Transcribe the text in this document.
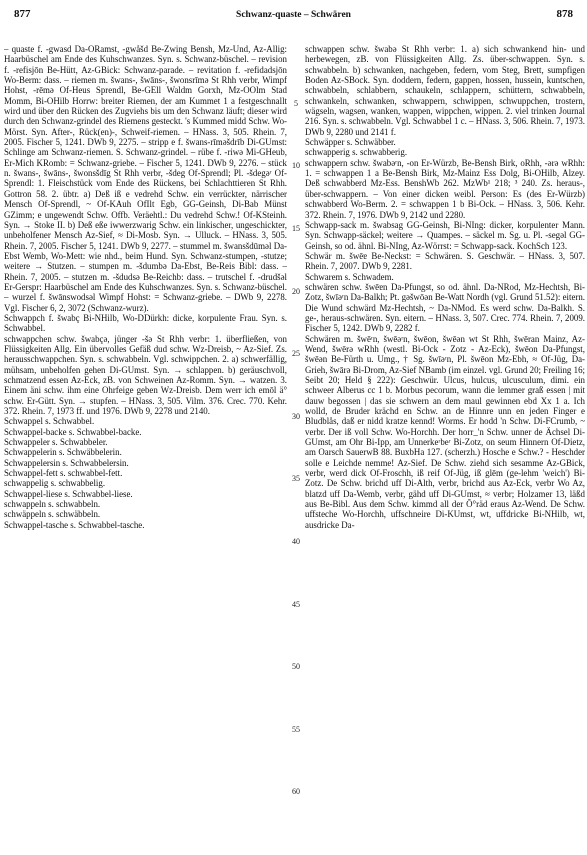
877	Schwanz-quaste – Schwären	878
5
10
15
20
25
30
35
40
45
50
55
60

– quaste f. -gwasd Da-ORamst, -gwåšd Be-Zwing Bensh, Mz-Und, Az-Allig: Haarbüschel am Ende des Kuhschwanzes. Syn. s. Schwanz-büschel. – revision f. -refisjōn Be-Hütt, Az-GBick: Schwanz-parade. – revitation f. -refidadsjōn Wo-Berm: dass. – riemen m. šwans-, šwāns-, šwonsrīmə St Rhh verbr, Wimpf Hohst, -rēmə Of-Heus Sprendl, Be-GEll Waldm Gorxh, Mz-OOlm Stad Momm, Bi-OHilb Horrw: breiter Riemen, der am Kummet 1 a festgeschnallt wird und über den Rücken des Zugviehs bis um den Schwanz läuft; dieser wird durch den Schwanz-grindel des Riemens gesteckt. 's Kummed midd Schw. Wo-Mörst. Syn. After-, Rück(en)-, Schweif-riemen. – HNass. 3, 505. Rhein. 7, 2005. Fischer 5, 1241. DWb 9, 2275. – stripp e f. šwans-rīməšdrīb Di-GUmst: Schlinge am Schwanz-riemen. S. Schwanz-grindel. – rübe f. -riwə Mi-GHeub, Er-Mich KRomb: = Schwanz-griebe. – Fischer 5, 1241. DWb 9, 2276. – stück n. šwans-, šwāns-, šwonsšdīg St Rhh verbr, -šdeg Of-Sprendl; Pl. -šdegəʳ Of-Sprendl: 1. Fleischstück vom Ende des Rückens, bei Schlachttieren St Rhh. Gottron 58. 2. übtr. a) Deß iß e vedrehd Schw. ein verrückter, närrischer Mensch Of-Sprendl, ~ Of-KAuh OfIlt Egb, GG-Geinsh, Di-Bab Münst GZimm; e ungewendt Schw. Offb. Veräehtl.: Du vedrehd Schw.! Of-KSteinh. Syn. → Stoke II. b) Deß eße iwwerzwarig Schw. ein linkischer, ungeschickter, unbeholfener Mensch Az-Sief, ≈ Di-Mosb. Syn. → Ulluck. – HNass. 3, 505. Rhein. 7, 2005. Fischer 5, 1241. DWb 9, 2277. – stummel m. šwansšdūməl Da-Ebst Wemb, Wo-Mett: wie nhd., beim Hund. Syn. Schwanz-stumpen, -stutze; weitere → Stutzen. – stumpen m. -šdumbə Da-Ebst, Be-Reis Bibl: dass. – Rhein. 7, 2005. – stutzen m. -šdudsə Be-Reichb: dass. – trutschel f. -drudšəl Er-Gerspr: Haarbüschel am Ende des Kuhschwanzes. Syn. s. Schwanz-büschel. – wurzel f. šwānswodsəl Wimpf Hohst: = Schwanz-griebe. – DWb 9, 2278. Vgl. Fischer 6, 2, 3072 (Schwanz-wurz).

Schwappch f. šwabç Bi-NHilb, Wo-DDürkh: dicke, korpulente Frau. Syn. s. Schwabbel.

schwappchen schw. šwabçə, jünger -šə St Rhh verbr: 1. überfließen, von Flüssigkeiten Allg. Ein übervolles Gefäß dud schw. Wz-Dreisb, ~ Az-Sief. Zs. herausschwappchen. Syn. s. schwabbeln. Vgl. schwippchen. 2. a) schwerfällig, mühsam, unbeholfen gehen Di-GUmst. Syn. → schlappen. b) geräuschvoll, schmatzend essen Az-Eck, zB. von Schweinen Az-Romm. Syn. → watzen. 3. Einem äni schw. ihm eine Ohrfeige geben Wz-Dreisb. Dem werr ich emōl ä° schw. Er-Gütt. Syn. → stupfen. – HNass. 3, 505. Vilm. 376. Crec. 770. Kehr. 372. Rhein. 7, 1973 ff. und 1976. DWb 9, 2278 und 2140.

Schwappel s. Schwabbel.

Schwappel-backe s. Schwabbel-backe.

Schwappeler s. Schwabbeler.

Schwappelerin s. Schwäbbelerin.

Schwappelersin s. Schwabbelersin.

Schwappel-fett s. schwabbel-fett.

schwappelig s. schwabbelig.

Schwappel-liese s. Schwabbel-liese.

schwappeln s. schwabbeln.

schwäppeln s. schwäbbeln.

Schwappel-tasche s. Schwabbel-tasche.

schwappen schw. šwabə St Rhh verbr: 1. a) sich schwankend hin- und herbewegen, zB. von Flüssigkeiten Allg. Zs. über-schwappen. Syn. s. schwabbeln. b) schwanken, nachgeben, federn, vom Steg, Brett, sumpfigen Boden Az-SBock. Syn. doddern, federn, gappen, hossen, hussein, kuntschen, schwabbeln, schlabbern, schaukeln, schlappern, schüttern, schwabbeln, schwankeln, schwanken, schwappern, schwippen, schwuppchen, trostern, wägseln, wagsen, wanken, wappen, wippchen, wippen. 2. viel trinken Journal 216. Syn. s. schwabbeln. Vgl. Schwabbel 1 c. – HNass. 3, 506. Rhein. 7, 1973. DWb 9, 2280 und 2141 f.

Schwäpper s. Schwäbber.

schwapperig s. schwabberig.

schwappern schw. šwabəʳn, -on Er-Würzb, Be-Bensh Birk, oRhh, -ərə wRhh: 1. = schwappen 1 a Be-Bensh Birk, Mz-Mainz Ess Dolg, Bi-OHilb, Alzey. Deß schwabberd Mz-Ess. BenshWb 262. MzWb¹ 218; ³ 240. Zs. heraus-, über-schwappern. – Von einer dicken weibl. Person: Es (des Er-Würzb) schwabberd Wo-Berm. 2. = schwappen 1 b Bi-Ock. – HNass. 3, 506. Kehr. 372. Rhein. 7, 1976. DWb 9, 2142 und 2280.

Schwapp-sack m. šwabsag GG-Geinsh, Bi-NIng: dicker, korpulenter Mann. Syn. Schwapp-säckel; weitere → Quampes. – säckel m. Sg. u. Pl. -segəl GG-Geinsh, so od. ähnl. Bi-NIng, Az-Wörrst: = Schwapp-sack. KochSch 123.

Schwär m. šwēɐ Be-Neckst: = Schwären. S. Geschwär. – HNass. 3, 507. Rhein. 7, 2007. DWb 9, 2281.

Schwarem s. Schwadem.

schwären schw. šwēɐn Da-Pfungst, so od. ähnl. Da-NRod, Mz-Hechtsh, Bi-Zotz, šwīəʳn Da-Balkh; Pt. gəšwōən Be-Watt Nordh (vgl. Grund 51.52): eitern. Die Wund schwärd Mz-Hechtsh, ~ Da-NMod. Es werd schw. Da-Balkh. S. ge-, heraus-schwären. Syn. eitern. – HNass. 3, 507. Crec. 774. Rhein. 7, 2009. Fischer 5, 1242. DWb 9, 2282 f.

Schwären m. šwēʳn, šwēəʳn, šwēon, šwēən wt St Rhh, šwēran Mainz, Az-Wend, šwērə wRhh (westl. Bi-Ock - Zotz - Az-Eck), šwēon Da-Pfungst, šwēən Be-Fürth u. Umg., † Sg. šwīəʳn, Pl. šwēon Mz-Ebh, ≈ Of-Jüg, Da-Grieh, šwārə Bi-Drom, Az-Sief NBamb (im einzel. vgl. Grund 20; Freiling 16; Seibt 20; Held § 222): Geschwür. Ulcus, hulcus, ulcusculum, dimi. ein schweer Alberus cc 1 b. Morbus pecorum, wann die lemmer graß essen | mit dauw begossen | das sie schwern an dem maul gewinnen ebd Xx 1 a. Ich wolld, de Bruder krächd en Schw. an de Hinnre unn en jeden Finger e Bludblås, daß er nidd kratze kennd! Worms. Er hodd 'n Schw. Di-FCrumb, ~ verbr. Der iß voll Schw. Wo-Horchh. Der horr_'n Schw. unner de Ächsel Di-GUmst, am Ohr Bi-Ipp, am Unnerkeʳbeʳ Bi-Zotz, on seum Hinnern Of-Dietz, am Oarsch SauerwB 88. BuxbHa 127. (scherzh.) Hosche e Schw.? - Heschder solle e Leichde nemme! Az-Sief. De Schw. ziehd sich sesamme Az-GBick, verbr, werd dick Of-Froschh, iß reif Of-Jüg, iß glēm (ge-lehm 'weich') Bi-Zotz. De Schw. brichd uff Di-Alth, verbr, brichd aus Az-Eck, verbr Wo Az, blatzd uff Da-Wemb, verbr, gähd uff Di-GUmst, ≈ verbr; Holzamer 13, läßd aus Be-Bibl. Aus dem Schw. kimmd all der Ō°räd eraus Az-Wend. De Schw. uffsteche Wo-Horchh, uffschneire Di-KUmst, wt, uffdricke Bi-NHilb, wt, ausdricke Da-
